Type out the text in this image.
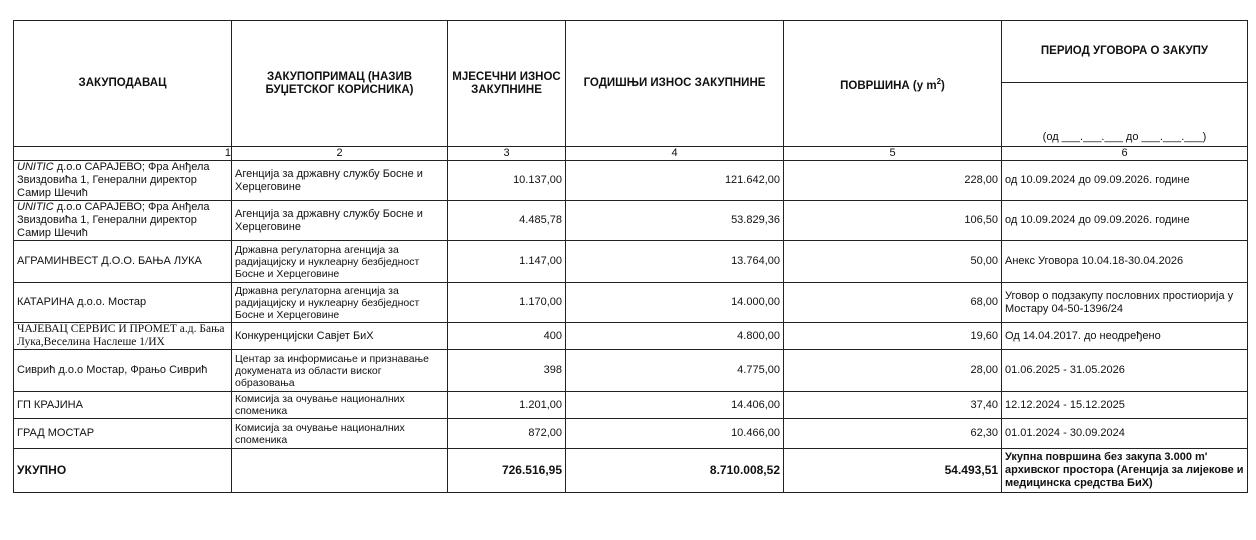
ЗАКУПОДАВАЦ	ЗАКУПОПРИМАЦ (НАЗИВ БУЏЕТСКОГ КОРИСНИКА)	МЈЕСЕЧНИ ИЗНОС ЗАКУПНИНЕ	ГОДИШЊИ ИЗНОС ЗАКУПНИНЕ	ПОВРШИНА (у $m^2$)	ПЕРИОД УГОВОРА О ЗАКУПУ
					(од ___.___.___ до ___.___.___)
1	2	3	4	5	6
UNITIC д.о.о САРАЈЕВО; Фра Анђела Звиздовића 1, Генерални директор Самир Шечић	Агенција за државну службу Босне и Херцеговине	10.137,00	121.642,00	228,00	од 10.09.2024 до 09.09.2026. године
UNITIC д.о.о САРАЈЕВО; Фра Анђела Звиздовића 1, Генерални директор Самир Шечић	Агенција за државну службу Босне и Херцеговине	4.485,78	53.829,36	106,50	од 10.09.2024 до 09.09.2026. године
АГРАМИНВЕСТ Д.О.О. БАЊА ЛУКА	Државна регулаторна агенција за радијацијску и нуклеарну безбједност Босне и Херцеговине	1.147,00	13.764,00	50,00	Анекс Уговора 10.04.18-30.04.2026
КАТАРИНА д.о.о. Мостар	Државна регулаторна агенција за радијацијску и нуклеарну безбједност Босне и Херцеговине	1.170,00	14.000,00	68,00	Уговор о подзакупу пословних простиорија у Мостару 04-50-1396/24
ЧАЈЕВАЦ СЕРВИС И ПРОМЕТ а.д. Бања Лука,Веселина Наслеше 1/ИХ	Конкуренцијски Савјет БиХ	400	4.800,00	19,60	Од 14.04.2017. до неодређено
Сиврић д.о.о Мостар, Фрањо Сиврић	Центар за информисање и признавање докумената из области виског образовања	398	4.775,00	28,00	01.06.2025 - 31.05.2026
ГП КРАЈИНА	Комисија за очување националних споменика	1.201,00	14.406,00	37,40	12.12.2024 - 15.12.2025
ГРАД МОСТАР	Комисија за очување националних споменика	872,00	10.466,00	62,30	01.01.2024 - 30.09.2024
УКУПНО		726.516,95	8.710.008,52	54.493,51	Укупна површина без закупа 3.000 m' архивског простора (Агенција за лијекове и медицинска средства БиХ)
